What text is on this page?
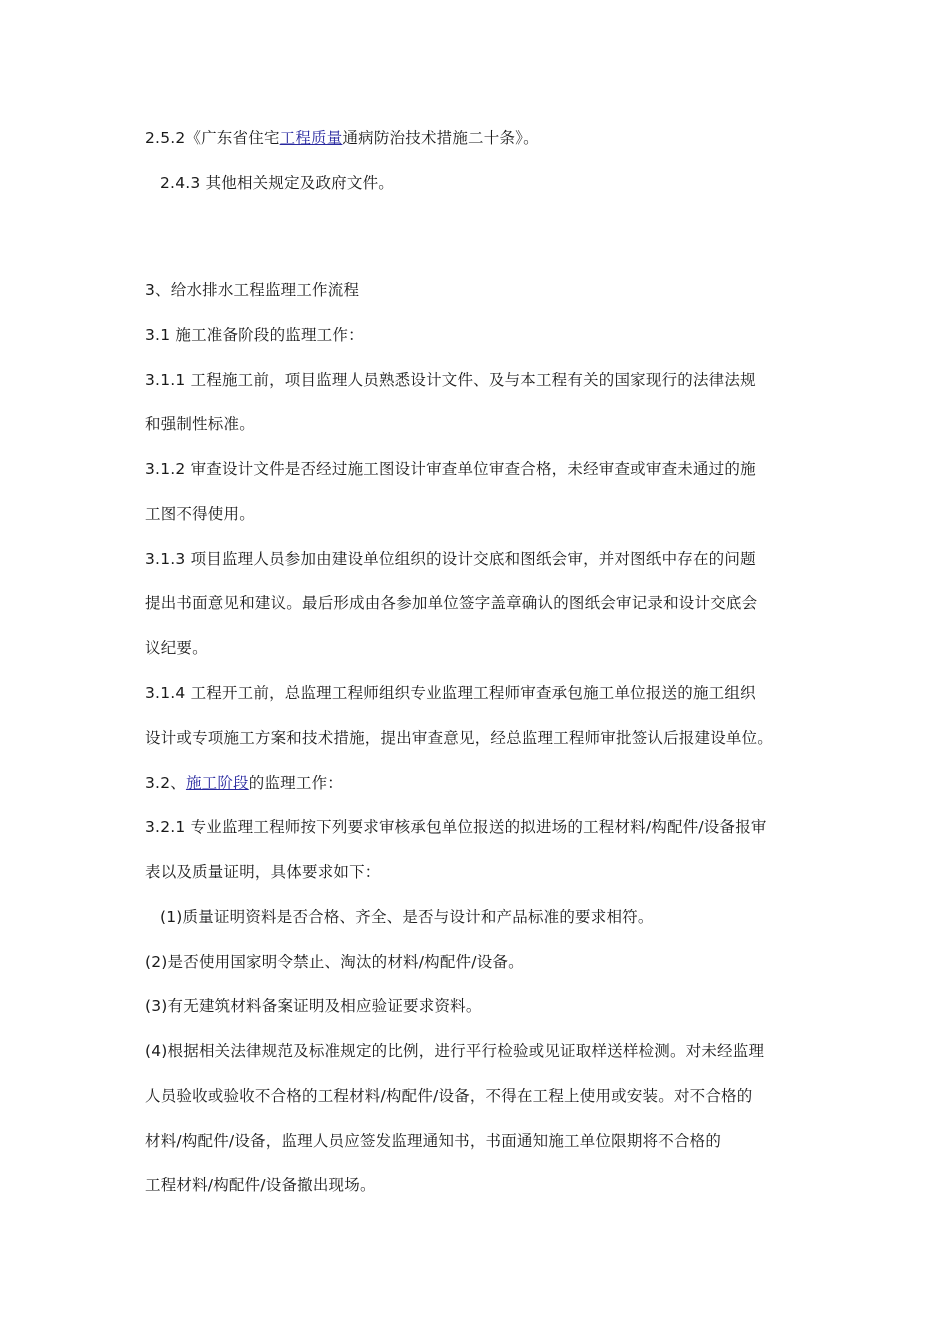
2.5.2《广东省住宅工程质量通病防治技术措施二十条》。
2.4.3 其他相关规定及政府文件。
3、给水排水工程监理工作流程
3.1 施工准备阶段的监理工作：
3.1.1 工程施工前，项目监理人员熟悉设计文件、及与本工程有关的国家现行的法律法规
和强制性标准。
3.1.2 审查设计文件是否经过施工图设计审查单位审查合格，未经审查或审查未通过的施
工图不得使用。
3.1.3 项目监理人员参加由建设单位组织的设计交底和图纸会审，并对图纸中存在的问题
提出书面意见和建议。最后形成由各参加单位签字盖章确认的图纸会审记录和设计交底会
议纪要。
3.1.4 工程开工前，总监理工程师组织专业监理工程师审查承包施工单位报送的施工组织
设计或专项施工方案和技术措施，提出审查意见，经总监理工程师审批签认后报建设单位。
3.2、施工阶段的监理工作：
3.2.1 专业监理工程师按下列要求审核承包单位报送的拟进场的工程材料/构配件/设备报审
表以及质量证明，具体要求如下：
(1)质量证明资料是否合格、齐全、是否与设计和产品标准的要求相符。
(2)是否使用国家明令禁止、淘汰的材料/构配件/设备。
(3)有无建筑材料备案证明及相应验证要求资料。
(4)根据相关法律规范及标准规定的比例，进行平行检验或见证取样送样检测。对未经监理
人员验收或验收不合格的工程材料/构配件/设备，不得在工程上使用或安装。对不合格的
材料/构配件/设备，监理人员应签发监理通知书，书面通知施工单位限期将不合格的
工程材料/构配件/设备撤出现场。
